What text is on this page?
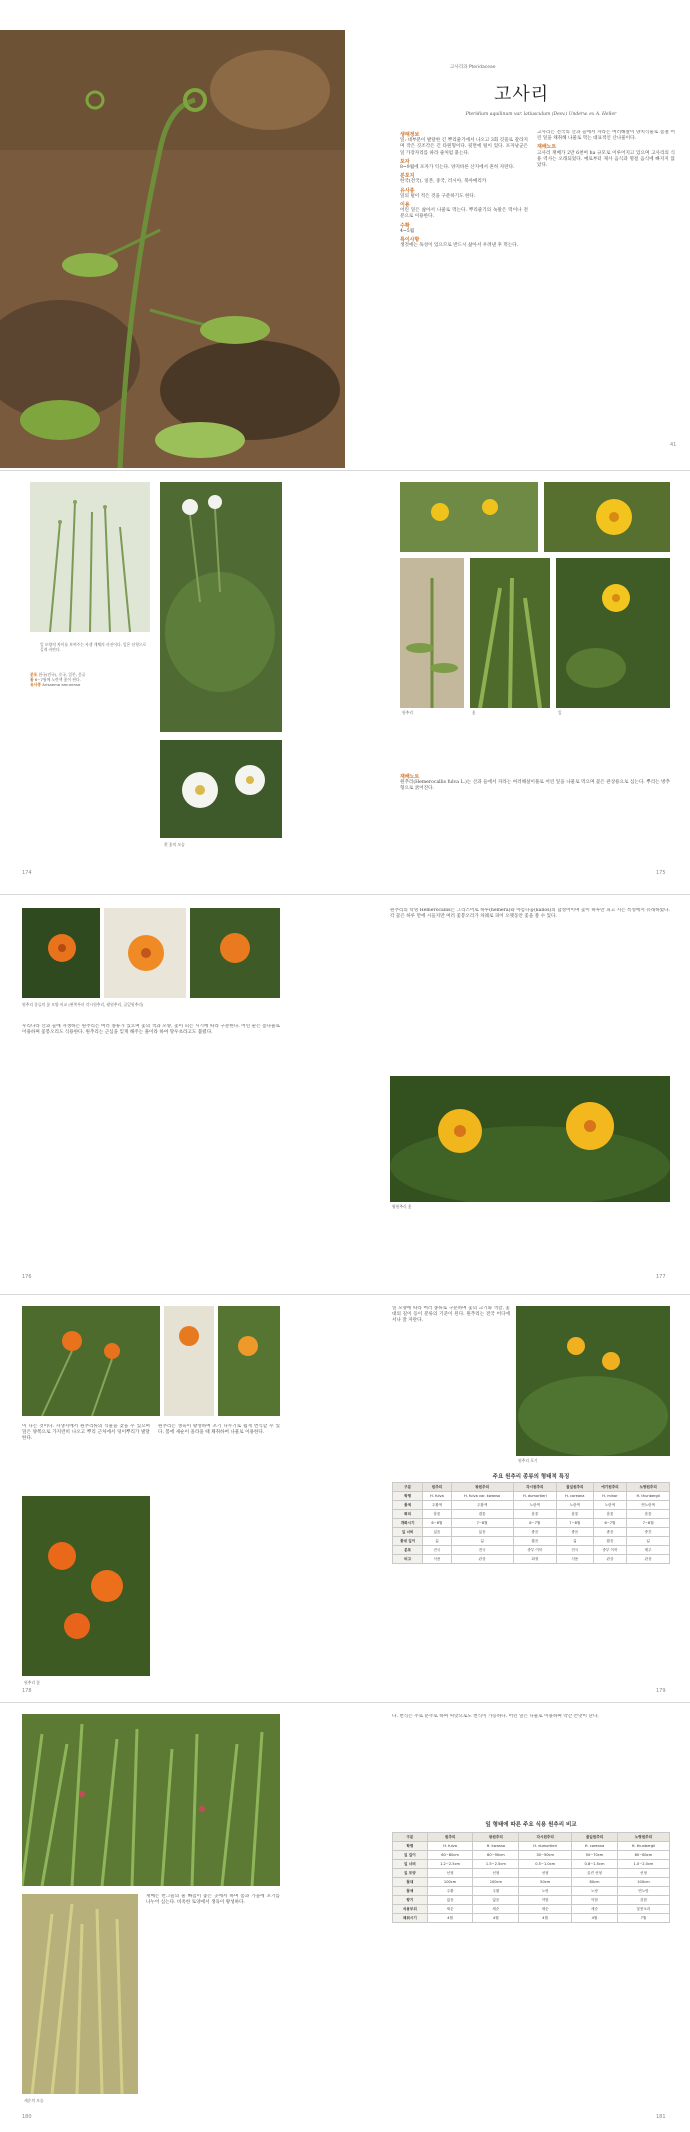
고사리과 Pteridaceae
고사리
Pteridium aquilinum var. latiusculum (Desv.) Underw. ex A. Heller
생태정보
잎: 대부분이 발달한 긴 뿌리줄기에서 나오고 3회 깃꼴로 갈라지며 작은 깃조각은 긴 타원형이다. 뒷면에 털이 있다. 포자낭군은 잎 가장자리를 따라 줄처럼 붙는다.
포자
8~9월에 포자가 익는다. 양지바른 산지에서 흔히 자란다.
분포지
한국(전국), 일본, 중국, 러시아, 북아메리카
유사종
잎의 털이 적은 것을 구분하기도 한다.
이용
어린 잎은 삶아서 나물로 먹는다. 뿌리줄기의 녹말은 떡이나 전분으로 이용한다.
수확
4~5월
특이사항
생것에는 독성이 있으므로 반드시 삶아서 우려낸 후 먹는다.
고사리는 전국의 산과 들에서 자라는 여러해살이 양치식물로 봄철 어린 잎을 채취해 나물로 먹는 대표적인 산나물이다.
재배노트
고사리 재배가 2만 6천여 ha 규모로 이루어지고 있으며 고사리의 식용 역사는 오래되었다. 예로부터 제사 음식과 명절 음식에 빠지지 않았다.
41
잎 모양의 차이를 보여주는 자생 개체의 사진이다. 잎은 선형으로 길게 자란다.
분포 한국(전국), 중국, 일본, 몽골
꽃 6~7월에 노란색 꽃이 핀다.
유사종 Arisaema amurense
흰 꽃의 모습
원추리	꽃	잎
재배노트
원추리(Hemerocallis fulva L.)는 산과 들에서 자라는 여러해살이풀로 어린 잎을 나물로 먹으며 꽃은 관상용으로 심는다. 뿌리는 방추형으로 굵어진다.
174	175
원추리 종류의 꽃 모양 비교 (왼쪽부터 각시원추리, 왕원추리, 골잎원추리)
우리나라 산과 들에 자생하는 원추리는 여러 종류가 있으며 꽃의 색과 모양, 꽃이 피는 시기에 따라 구분한다. 어린 순은 봄나물로 이용하며 꽃봉오리도 식용한다. 원추리는 근심을 잊게 해주는 풀이라 하여 망우초라고도 불렸다.
원추리의 학명 Hemerocallis는 그리스어로 하루(hemera)와 아름다움(kallos)의 합성어이며 꽃이 하루만 피고 지는 특성에서 유래하였다. 각 꽃은 하루 만에 시들지만 여러 꽃봉오리가 차례로 피어 오랫동안 꽃을 볼 수 있다.
왕원추리 꽃
176	177
이 나는 것이다. 자생지에서 원추리류의 식물을 찾을 수 있으며 잎은 양쪽으로 가지런히 나오고 뿌리 근처에서 덩이뿌리가 발달한다.
원추리는 생육이 왕성하여 포기 나누기로 쉽게 번식할 수 있다. 봄에 새순이 올라올 때 채취하여 나물로 이용한다.
원추리 꽃
잎 모양에 따라 여러 종류로 구분하며 꽃의 크기와 색깔, 꽃대의 길이 등이 분류의 기준이 된다. 원추리는 전국 어디에서나 잘 자란다.
원추리 포기
주요 원추리 종류의 형태적 특징
구분	원추리	왕원추리	각시원추리	골잎원추리	애기원추리	노랑원추리
학명	H. fulva	H. fulva var. kwanso	H. dumortieri	H. coreana	H. minor	H. thunbergii
꽃색	주황색	주황색	노란색	노란색	노란색	연노란색
화피	홑꽃	겹꽃	홑꽃	홑꽃	홑꽃	홑꽃
개화시기	6~8월	7~8월	6~7월	7~8월	6~7월	7~8월
잎 너비	넓음	넓음	좁음	좁음	좁음	중간
꽃대 길이	긺	긺	짧음	긺	짧음	긺
분포	전국	전국	중부 이북	전국	중부 이북	제주
비고	식용	관상	희귀	식용	관상	관상
178	179
새순의 모습
재배는 반그늘의 물 빠짐이 좋은 곳에서 하며 봄과 가을에 포기를 나누어 심는다. 비옥한 토양에서 생육이 왕성하다.
다. 번식은 주로 분주로 하며 씨앗으로도 번식이 가능하다. 어린 잎은 나물로 이용하며 약간 쓴맛이 난다.
잎 형태에 따른 주요 식용 원추리 비교
구분	원추리	왕원추리	각시원추리	골잎원추리	노랑원추리
학명	H. fulva	H. kwanso	H. dumortieri	H. coreana	H. thunbergii
잎 길이	60~80cm	60~90cm	30~50cm	50~70cm	60~80cm
잎 너비	1.2~2.5cm	1.5~2.5cm	0.5~1.0cm	0.8~1.5cm	1.0~2.0cm
잎 모양	선형	선형	선형	골진 선형	선형
꽃대	100cm	100cm	50cm	80cm	100cm
꽃색	주황	주황	노랑	노랑	연노랑
향기	없음	없음	약함	약함	강함
식용부위	새순	새순	새순	새순	꽃봉오리
채취시기	4월	4월	4월	4월	7월
180	181
